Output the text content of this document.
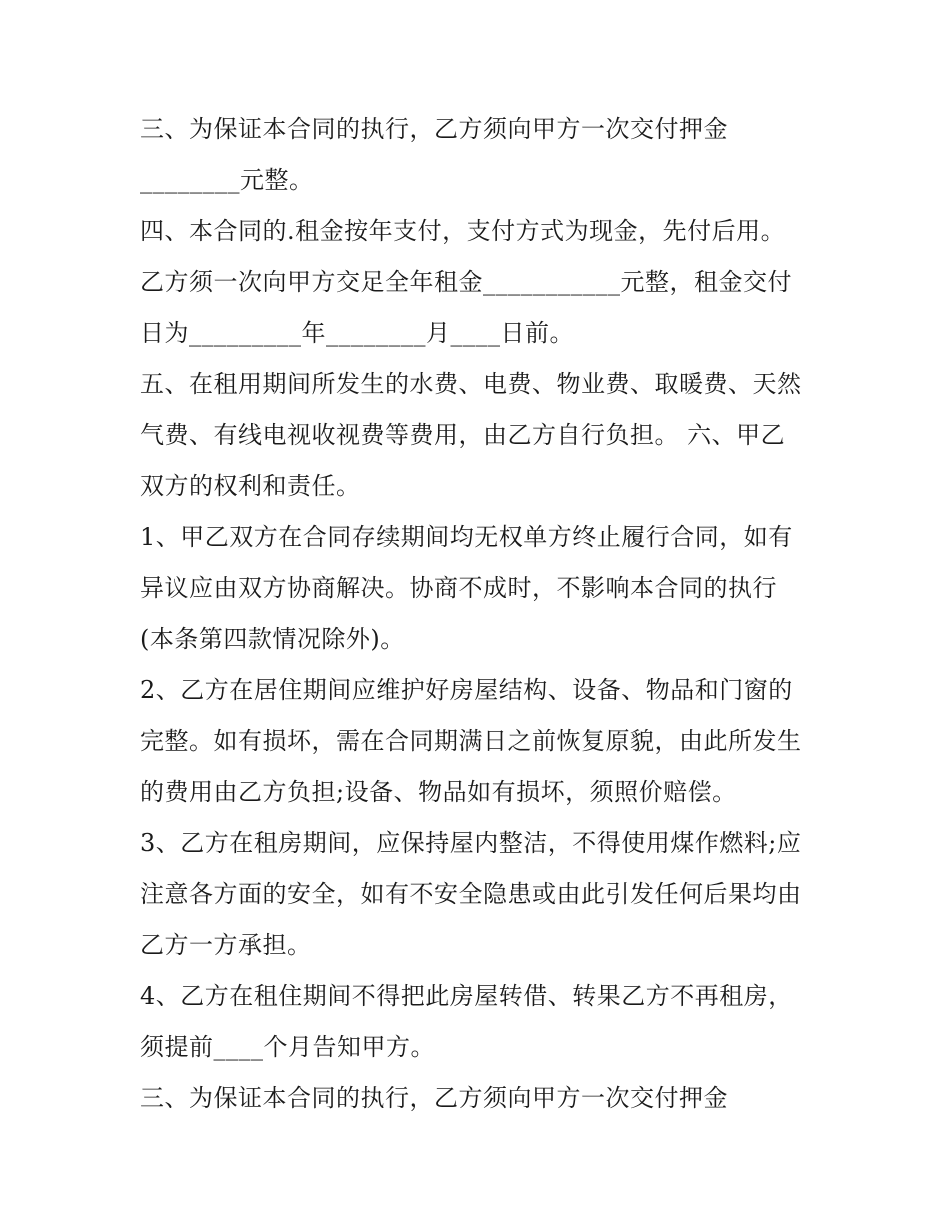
三、为保证本合同的执行，乙方须向甲方一次交付押金
________元整。
四、本合同的.租金按年支付，支付方式为现金，先付后用。
乙方须一次向甲方交足全年租金___________元整，租金交付
日为_________年________月____日前。
五、在租用期间所发生的水费、电费、物业费、取暖费、天然
气费、有线电视收视费等费用，由乙方自行负担。 六、甲乙
双方的权利和责任。
1、甲乙双方在合同存续期间均无权单方终止履行合同，如有
异议应由双方协商解决。协商不成时，不影响本合同的执行
(本条第四款情况除外)。
2、乙方在居住期间应维护好房屋结构、设备、物品和门窗的
完整。如有损坏，需在合同期满日之前恢复原貌，由此所发生
的费用由乙方负担;设备、物品如有损坏，须照价赔偿。
3、乙方在租房期间，应保持屋内整洁，不得使用煤作燃料;应
注意各方面的安全，如有不安全隐患或由此引发任何后果均由
乙方一方承担。
4、乙方在租住期间不得把此房屋转借、转果乙方不再租房，
须提前____个月告知甲方。
三、为保证本合同的执行，乙方须向甲方一次交付押金
